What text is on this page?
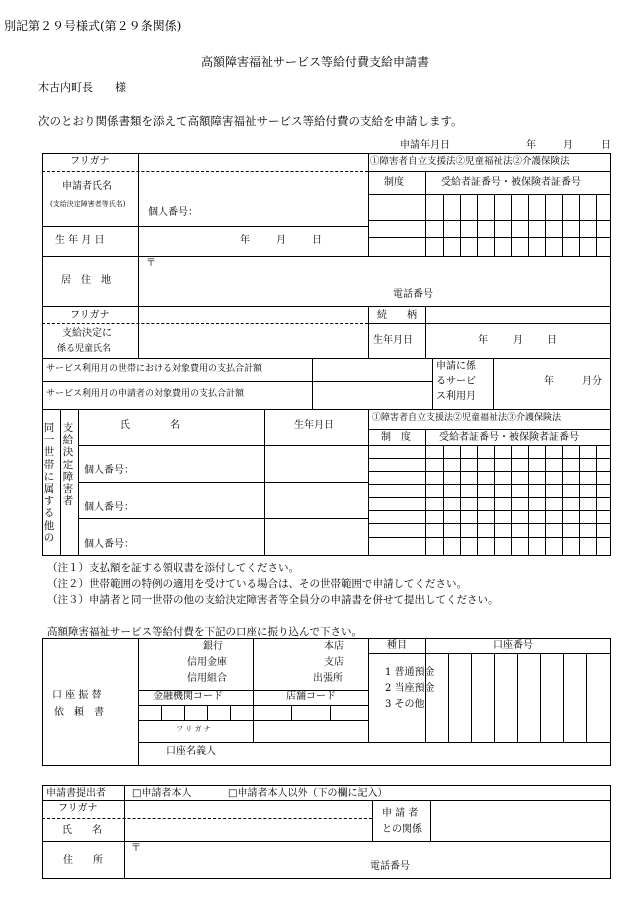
別記第２９号様式(第２９条関係)
高額障害福祉サービス等給付費支給申請書
木古内町長　　様
次のとおり関係書類を添えて高額障害福祉サービス等給付費の支給を申請します。
申請年月日	年	月	日
フリガナ	①障害者自立支援法②児童福祉法②介護保険法
申請者氏名
(支給決定障害者等氏名)
制度	受給者証番号・被保険者証番号
個人番号：
生 年 月 日	年	月	日
居　住　地
〒
電話番号
フリガナ
支給決定に
係る児童氏名
続　　柄
生年月日	年	月 日
サービス利用月の世帯における対象費用の支払合計額
サービス利用月の申請者の対象費用の支払合計額
申請に係
るサービ
ス利用月
年	月分
同一世帯に属する他の
支給決定障害者
氏　　　　名	生年月日
①障害者自立支援法②児童福祉法③介護保険法
制　度	受給者証番号・被保険者証番号
個人番号：
個人番号：
個人番号：
（注１）支払額を証する領収書を添付してください。
（注２）世帯範囲の特例の適用を受けている場合は、その世帯範囲で申請してください。
（注３）申請者と同一世帯の他の支給決定障害者等全員分の申請書を併せて提出してください。
高額障害福祉サービス等給付費を下記の口座に振り込んで下さい。
口 座 振 替
依　頼　書
銀行
信用金庫
信用組合
本店
支店
出張所
種目
1 普通預金
2 当座預金
3 その他
口座番号
金融機関コード	店舗コード
フ リ ガ ナ
口座名義人
申請書提出者	□申請者本人	□申請者本人以外（下の欄に記入）
フリガナ
氏　　名
申 請 者
との関係
住　　所
〒
電話番号
